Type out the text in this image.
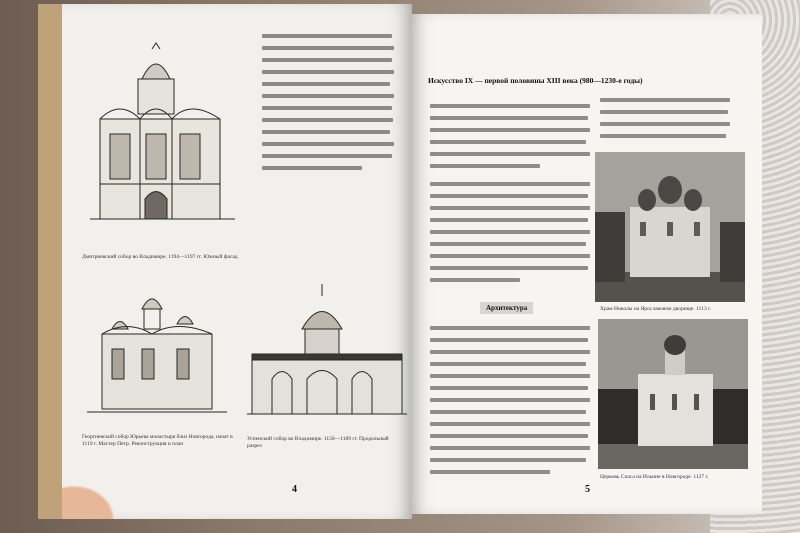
Дмитриевский собор во Владимире. 1194—1197 гг. Южный фасад
Георгиевский собор Юрьева монастыря близ Новгорода, начат в 1119 г. Мастер Петр. Реконструкция и план
Успенский собор во Владимире. 1158—1189 гг. Продольный разрез
4
Искусство IX — первой половины XIII века (980—1230-е годы)
Архитектура	Храм Николы на Ярославовом дворище. 1113 г.
Церковь Спаса на Ильине в Новгороде. 1127 г.
5
